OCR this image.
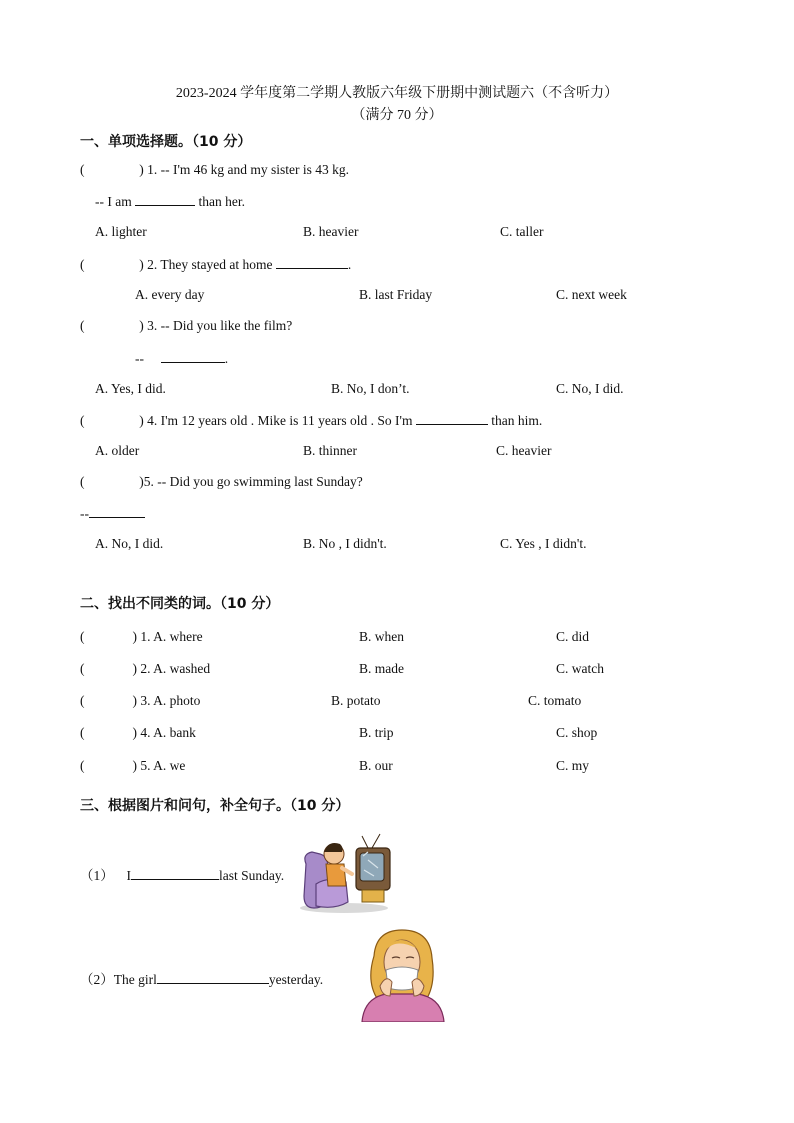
2023-2024 学年度第二学期人教版六年级下册期中测试题六（不含听力）
（满分 70 分）
一、单项选择题。（10 分）
(	) 1. -- I'm 46 kg and my sister is 43 kg.
-- I am	than her.
A. lighter	B. heavier	C. taller
(	) 2. They stayed at home	.
A. every day	B. last Friday	C. next week
(	) 3. -- Did you like the film?
--	.
A. Yes, I did.	B. No, I don’t.	C. No, I did.
(	) 4. I'm 12 years old . Mike is 11 years old . So I'm	than him.
A. older	B. thinner	C. heavier
(	)5. -- Did you go swimming last Sunday?
--
A. No, I did.	B. No , I didn't.	C. Yes , I didn't.
二、找出不同类的词。（10 分）
(	) 1. A. where	B. when	C. did
(	) 2. A. washed	B. made	C. watch
(	) 3. A. photo	B. potato	C. tomato
(	) 4. A. bank	B. trip	C. shop
(	) 5. A. we	B. our	C. my
三、根据图片和问句，补全句子。（10 分）
（1） I	last Sunday.
（2）The girl	yesterday.
